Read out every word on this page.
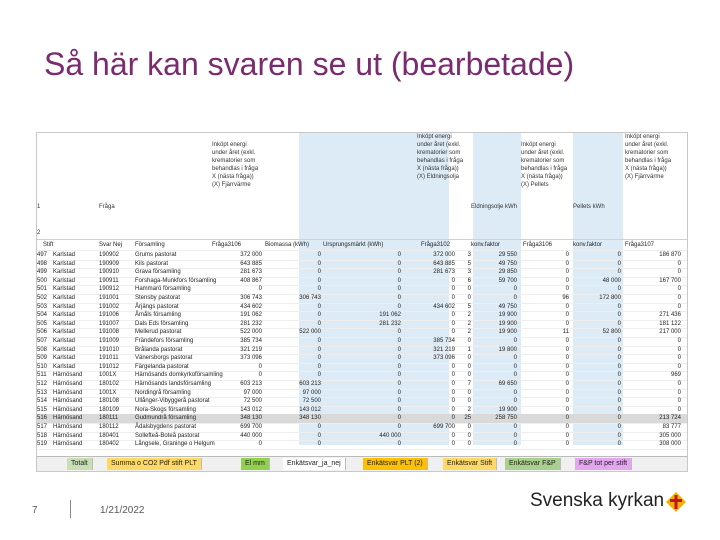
Så här kan svaren se ut (bearbetade)
1	Fråga
Inköpt energi
under året (exkl.
krematorier som
behandlas i fråga
X (nästa fråga))
(X) Fjärrvärme
Inköpt energi
under året (exkl.
krematorier som
behandlas i fråga
X (nästa fråga))
(X) Eldningsolja
Eldningsolje kWh
Inköpt energi
under året (exkl.
krematorier som
behandlas i fråga
X (nästa fråga))
(X) Pellets
Pellets kWh
Inköpt energi
under året (exkl.
krematorier som
behandlas i fråga
X (nästa fråga))
(X) Fjärrvärme
2
Stift	Svar Nej	Församling	Fråga3106	Biomassa (kWh)	Ursprungsmärkt (kWh)	Fråga3102	konv.faktor	Fråga3106	konv.faktor	Fråga3107
497 Karlstad	190902	Grums pastorat	372 000	0	0	372 000	3	29 550	0	0	186 870
498 Karlstad	190909	Kils pastorat	643 885	0	0	643 885	5	49 750	0	0	0
499 Karlstad	190910	Grava församling	281 673	0	0	281 673	3	29 850	0	0	0
500 Karlstad	190911	Forshaga-Munkfors församling	408 867	0	0	0	6	59 700	0	48 000	167 700
501 Karlstad	190912	Hammarö församling	0	0	0	0	0	0	0	0	0
502 Karlstad	191001	Stensby pastorat	306 743	306 743	0	0	0	0	96	172 800	0
503 Karlstad	191002	Årjängs pastorat	434 602	0	0	434 602	5	49 750	0	0	0
504 Karlstad	191006	Åmåls församling	191 062	0	191 062	0	2	19 900	0	0	271 436
505 Karlstad	191007	Dals Eds församling	281 232	0	281 232	0	2	19 900	0	0	181 122
506 Karlstad	191008	Mellerud pastorat	522 000	522 000	0	0	2	19 900	11	52 800	217 000
507 Karlstad	191009	Frändefors församling	385 734	0	0	385 734	0	0	0	0	0
508 Karlstad	191010	Brålanda pastorat	321 219	0	0	321 219	1	19 800	0	0	0
509 Karlstad	191011	Vänersborgs pastorat	373 096	0	0	373 096	0	0	0	0	0
510 Karlstad	191012	Färgelanda pastorat	0	0	0	0	0	0	0	0	0
511	Härnösand	1001X	Härnösands domkyrkoförsamling	0	0	0	0	0	0	0	0	969
512 Härnösand	180102	Härnösands landsförsamling	603 213	603 213	0	0	7	69 650	0	0	0
513 Härnösand	1001X	Nordingrå församling	97 000	97 000	0	0	0	0	0	0	0
514 Härnösand	180108	Ullånger-Vibyggerå pastorat	72 500	72 500	0	0	0	0	0	0	0
515 Härnösand	180109	Nora-Skogs församling	143 012	143 012	0	0	2	19 900	0	0	0
516 Härnösand	180111	Gudmundrå församling	348 130	348 130	0	0	25	258 750	0	0	213 724
517 Härnösand	180112	Ådalsbygdens pastorat	699 700	0	0	699 700	0	0	0	0	83 777
518 Härnösand	180401	Sollefteå-Boteå pastorat	440 000	0	440 000	0	0	0	0	0	305 000
519 Härnösand	180402	Långsele, Graninge o Helgum	0	0	0	0	0	0	0	0	308 000
Totalt	Summa o CO2 Pdf stift PLT	El mm	Enkätsvar_ja_nej	Enkätsvar PLT (2)	Enkätsvar Stift	Enkätsvar F&P	F&P tot per stift
7	1/21/2022	Svenska kyrkan
